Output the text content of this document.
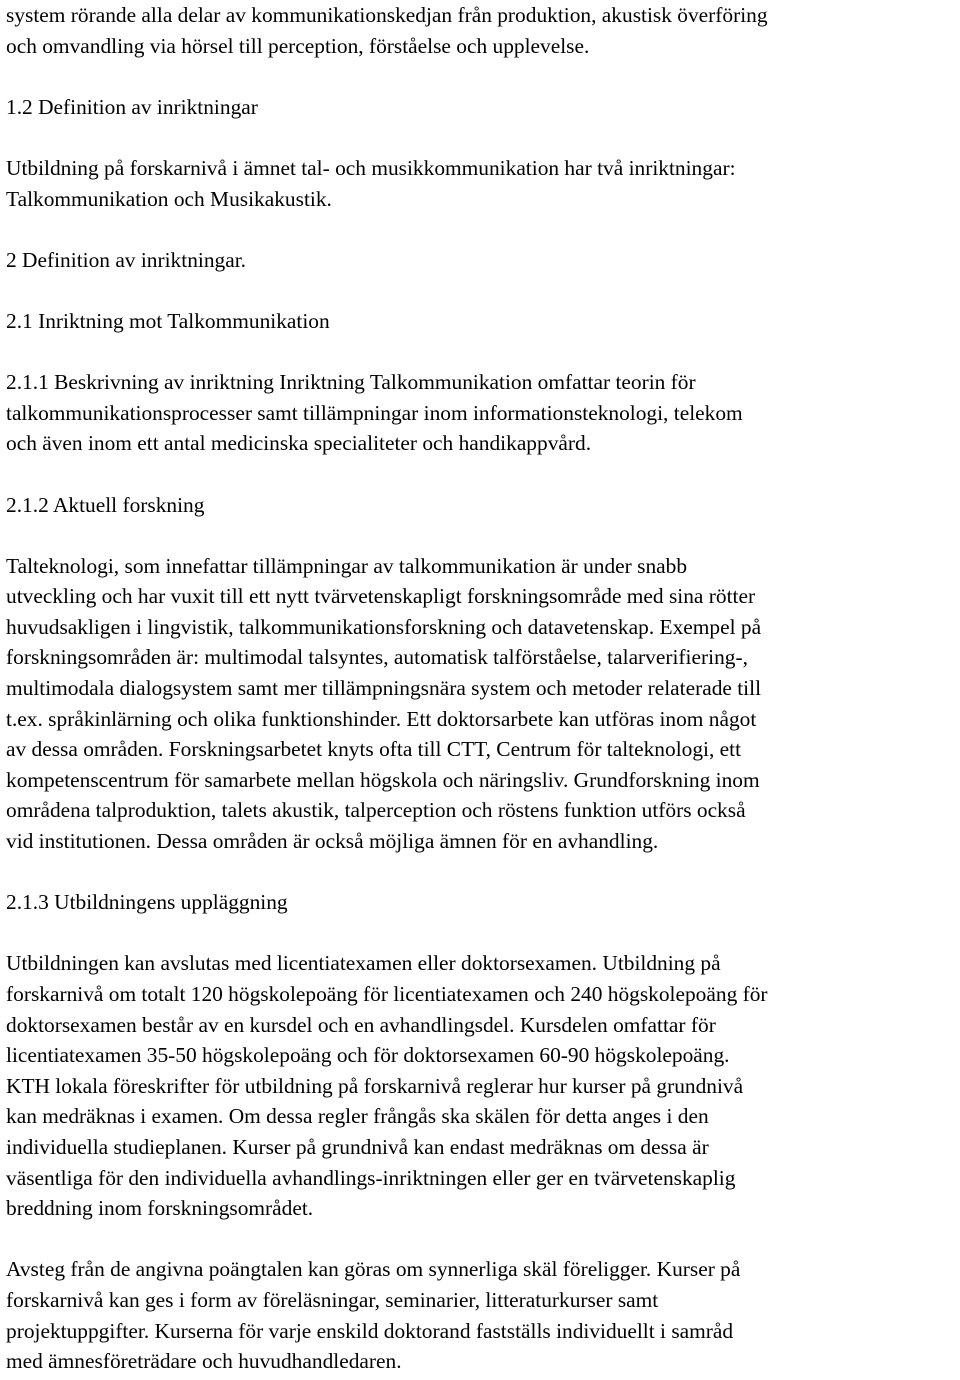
system rörande alla delar av kommunikationskedjan från produktion, akustisk överföring
och omvandling via hörsel till perception, förståelse och upplevelse.
1.2 Definition av inriktningar
Utbildning på forskarnivå i ämnet tal- och musikkommunikation har två inriktningar:
Talkommunikation och Musikakustik.
2 Definition av inriktningar.
2.1 Inriktning mot Talkommunikation
2.1.1 Beskrivning av inriktning Inriktning Talkommunikation omfattar teorin för
talkommunikationsprocesser samt tillämpningar inom informationsteknologi, telekom
och även inom ett antal medicinska specialiteter och handikappvård.
2.1.2 Aktuell forskning
Talteknologi, som innefattar tillämpningar av talkommunikation är under snabb
utveckling och har vuxit till ett nytt tvärvetenskapligt forskningsområde med sina rötter
huvudsakligen i lingvistik, talkommunikationsforskning och datavetenskap. Exempel på
forskningsområden är: multimodal talsyntes, automatisk talförståelse, talarverifiering-,
multimodala dialogsystem samt mer tillämpningsnära system och metoder relaterade till
t.ex. språkinlärning och olika funktionshinder. Ett doktorsarbete kan utföras inom något
av dessa områden. Forskningsarbetet knyts ofta till CTT, Centrum för talteknologi, ett
kompetenscentrum för samarbete mellan högskola och näringsliv. Grundforskning inom
områdena talproduktion, talets akustik, talperception och röstens funktion utförs också
vid institutionen. Dessa områden är också möjliga ämnen för en avhandling.
2.1.3 Utbildningens uppläggning
Utbildningen kan avslutas med licentiatexamen eller doktorsexamen. Utbildning på
forskarnivå om totalt 120 högskolepoäng för licentiatexamen och 240 högskolepoäng för
doktorsexamen består av en kursdel och en avhandlingsdel. Kursdelen omfattar för
licentiatexamen 35-50 högskolepoäng och för doktorsexamen 60-90 högskolepoäng.
KTH lokala föreskrifter för utbildning på forskarnivå reglerar hur kurser på grundnivå
kan medräknas i examen. Om dessa regler frångås ska skälen för detta anges i den
individuella studieplanen. Kurser på grundnivå kan endast medräknas om dessa är
väsentliga för den individuella avhandlings-inriktningen eller ger en tvärvetenskaplig
breddning inom forskningsområdet.
Avsteg från de angivna poängtalen kan göras om synnerliga skäl föreligger. Kurser på
forskarnivå kan ges i form av föreläsningar, seminarier, litteraturkurser samt
projektuppgifter. Kurserna för varje enskild doktorand fastställs individuellt i samråd
med ämnesföreträdare och huvudhandledaren.
